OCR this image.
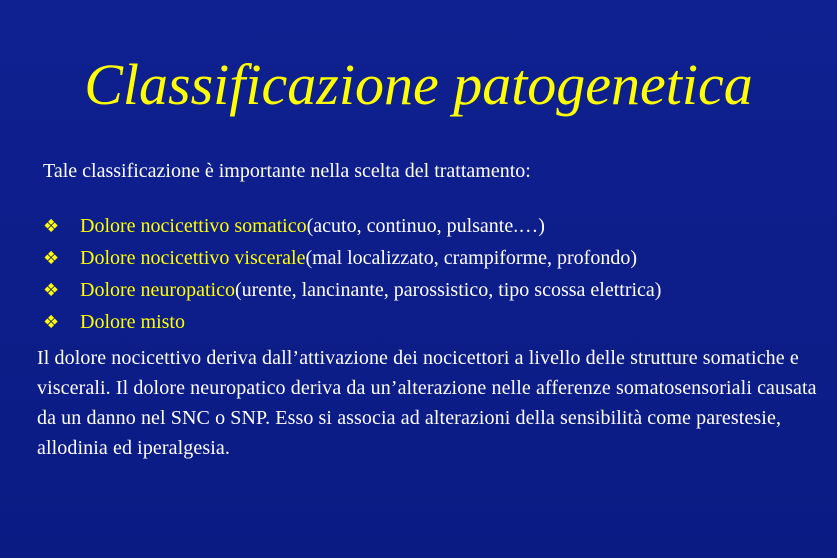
Classificazione patogenetica
Tale classificazione è importante nella scelta del trattamento:
❖	Dolore nocicettivo somatico (acuto, continuo, pulsante.…)
❖	Dolore nocicettivo viscerale (mal localizzato, crampiforme, profondo)
❖	Dolore neuropatico (urente, lancinante, parossistico, tipo scossa elettrica)
❖	Dolore misto
Il dolore nocicettivo deriva dall’attivazione dei nocicettori a livello delle strutture somatiche e viscerali. Il dolore neuropatico deriva da un’alterazione nelle afferenze somatosensoriali causata da un danno nel SNC o SNP. Esso si associa ad alterazioni della sensibilità come parestesie, allodinia ed iperalgesia.
